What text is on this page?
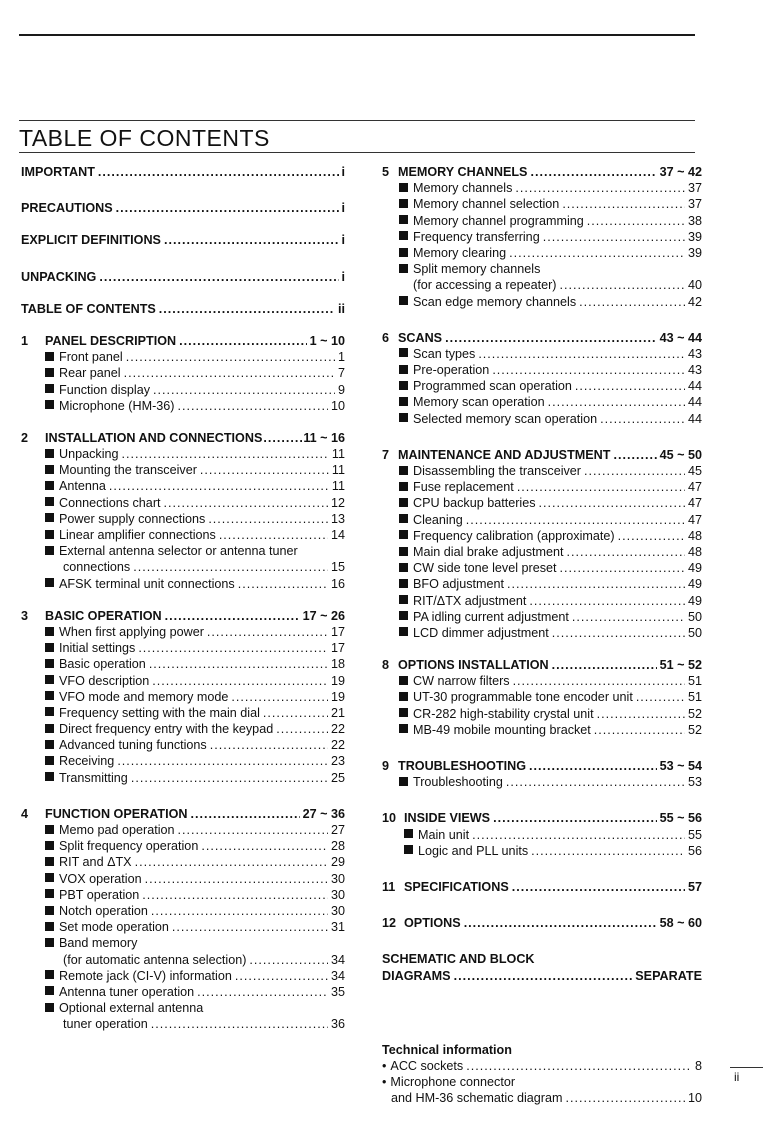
TABLE OF CONTENTS
IMPORTANT .....	i
PRECAUTIONS .....	i
EXPLICIT DEFINITIONS .....	i
UNPACKING .....	i
TABLE OF CONTENTS .....	ii
1	PANEL DESCRIPTION .....	1 ~ 10
Front panel .....	1
Rear panel .....	7
Function display .....	9
Microphone (HM-36) .....	10
2	INSTALLATION AND CONNECTIONS .....	11 ~ 16
Unpacking .....	11
Mounting the transceiver .....	11
Antenna .....	11
Connections chart .....	12
Power supply connections .....	13
Linear amplifier connections .....	14
External antenna selector or antenna tuner
connections .....	15
AFSK terminal unit connections .....	16
3	BASIC OPERATION .....	17 ~ 26
When first applying power .....	17
Initial settings .....	17
Basic operation .....	18
VFO description .....	19
VFO mode and memory mode .....	19
Frequency setting with the main dial .....	21
Direct frequency entry with the keypad .....	22
Advanced tuning functions .....	22
Receiving .....	23
Transmitting .....	25
4	FUNCTION OPERATION .....	27 ~ 36
Memo pad operation .....	27
Split frequency operation .....	28
RIT and ΔTX .....	29
VOX operation .....	30
PBT operation .....	30
Notch operation .....	30
Set mode operation .....	31
Band memory
(for automatic antenna selection) .....	34
Remote jack (CI-V) information .....	34
Antenna tuner operation .....	35
Optional external antenna
tuner operation .....	36
5 MEMORY CHANNELS .....	37 ~ 42
Memory channels .....	37
Memory channel selection .....	37
Memory channel programming .....	38
Frequency transferring .....	39
Memory clearing .....	39
Split memory channels
(for accessing a repeater) .....	40
Scan edge memory channels .....	42
6 SCANS .....	43 ~ 44
Scan types .....	43
Pre-operation .....	43
Programmed scan operation .....	44
Memory scan operation .....	44
Selected memory scan operation .....	44
7 MAINTENANCE AND ADJUSTMENT .....	45 ~ 50
Disassembling the transceiver .....	45
Fuse replacement .....	47
CPU backup batteries .....	47
Cleaning .....	47
Frequency calibration (approximate) .....	48
Main dial brake adjustment .....	48
CW side tone level preset .....	49
BFO adjustment .....	49
RIT/ΔTX adjustment .....	49
PA idling current adjustment .....	50
LCD dimmer adjustment .....	50
8 OPTIONS INSTALLATION .....	51 ~ 52
CW narrow filters .....	51
UT-30 programmable tone encoder unit .....	51
CR-282 high-stability crystal unit .....	52
MB-49 mobile mounting bracket .....	52
9 TROUBLESHOOTING .....	53 ~ 54
Troubleshooting .....	53
10 INSIDE VIEWS .....	55 ~ 56
Main unit .....	55
Logic and PLL units .....	56
11 SPECIFICATIONS .....	57
12 OPTIONS .....	58 ~ 60
SCHEMATIC AND BLOCK
DIAGRAMS .....	SEPARATE
Technical information
• ACC sockets .....	8
• Microphone connector
and HM-36 schematic diagram .....	10
ii
